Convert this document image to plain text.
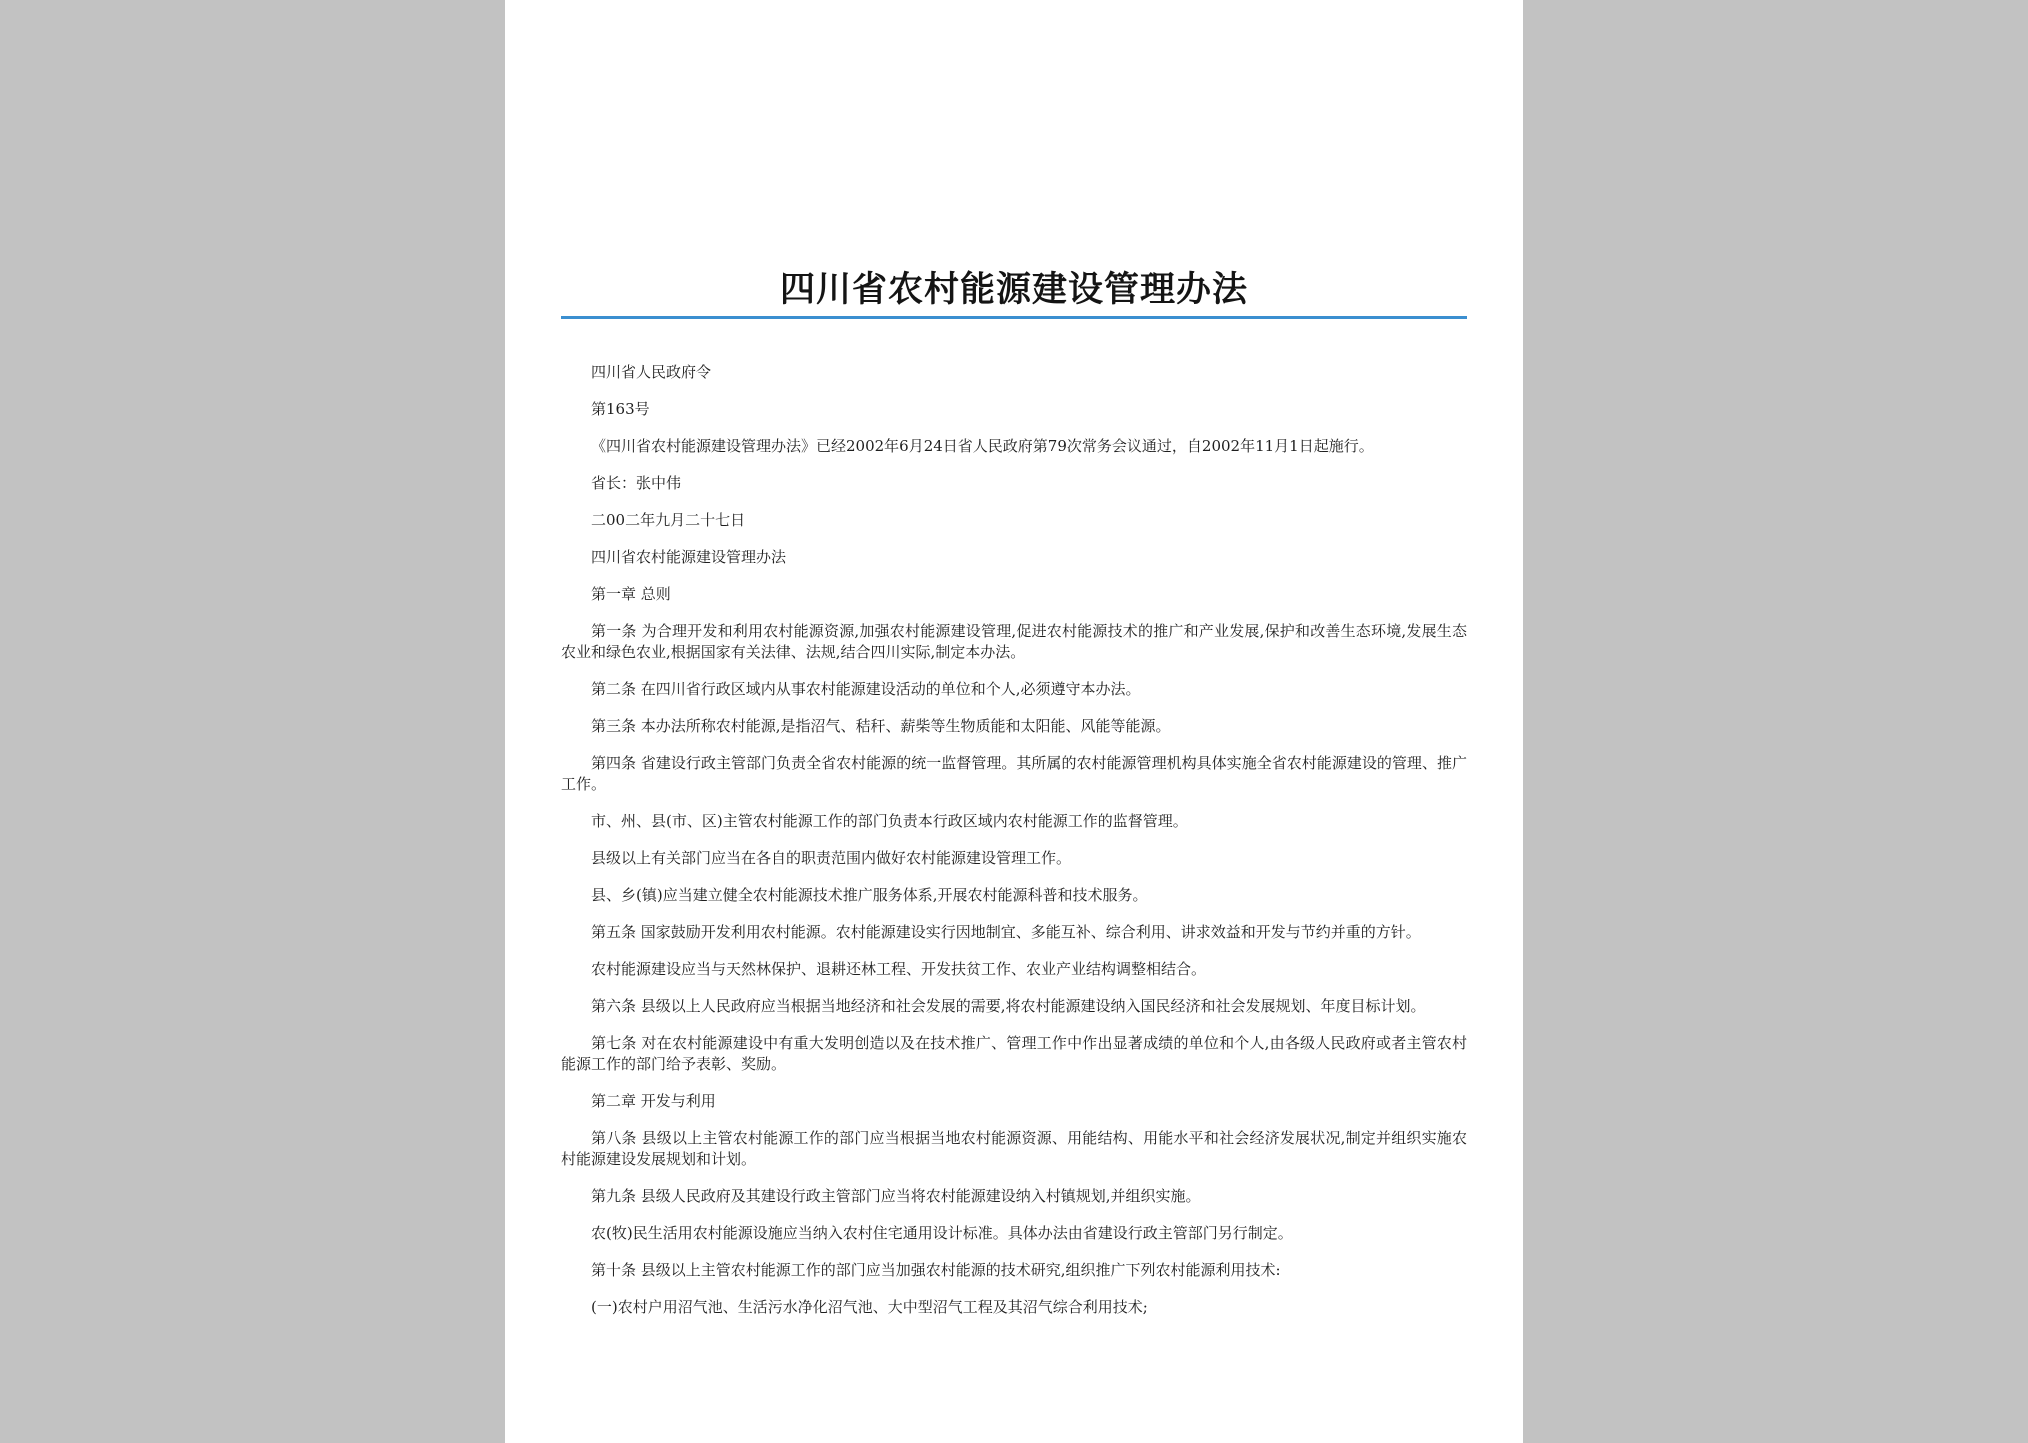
四川省农村能源建设管理办法

四川省人民政府令

第163号

《四川省农村能源建设管理办法》已经2002年6月24日省人民政府第79次常务会议通过，自2002年11月1日起施行。

省长：张中伟

二00二年九月二十七日

四川省农村能源建设管理办法

第一章 总则

第一条 为合理开发和利用农村能源资源,加强农村能源建设管理,促进农村能源技术的推广和产业发展,保护和改善生态环境,发展生态农业和绿色农业,根据国家有关法律、法规,结合四川实际,制定本办法。

第二条 在四川省行政区域内从事农村能源建设活动的单位和个人,必须遵守本办法。

第三条 本办法所称农村能源,是指沼气、秸秆、薪柴等生物质能和太阳能、风能等能源。

第四条 省建设行政主管部门负责全省农村能源的统一监督管理。其所属的农村能源管理机构具体实施全省农村能源建设的管理、推广工作。

市、州、县(市、区)主管农村能源工作的部门负责本行政区域内农村能源工作的监督管理。

县级以上有关部门应当在各自的职责范围内做好农村能源建设管理工作。

县、乡(镇)应当建立健全农村能源技术推广服务体系,开展农村能源科普和技术服务。

第五条 国家鼓励开发利用农村能源。农村能源建设实行因地制宜、多能互补、综合利用、讲求效益和开发与节约并重的方针。

农村能源建设应当与天然林保护、退耕还林工程、开发扶贫工作、农业产业结构调整相结合。

第六条 县级以上人民政府应当根据当地经济和社会发展的需要,将农村能源建设纳入国民经济和社会发展规划、年度目标计划。

第七条 对在农村能源建设中有重大发明创造以及在技术推广、管理工作中作出显著成绩的单位和个人,由各级人民政府或者主管农村能源工作的部门给予表彰、奖励。

第二章 开发与利用

第八条 县级以上主管农村能源工作的部门应当根据当地农村能源资源、用能结构、用能水平和社会经济发展状况,制定并组织实施农村能源建设发展规划和计划。

第九条 县级人民政府及其建设行政主管部门应当将农村能源建设纳入村镇规划,并组织实施。

农(牧)民生活用农村能源设施应当纳入农村住宅通用设计标准。具体办法由省建设行政主管部门另行制定。

第十条 县级以上主管农村能源工作的部门应当加强农村能源的技术研究,组织推广下列农村能源利用技术:

(一)农村户用沼气池、生活污水净化沼气池、大中型沼气工程及其沼气综合利用技术;
